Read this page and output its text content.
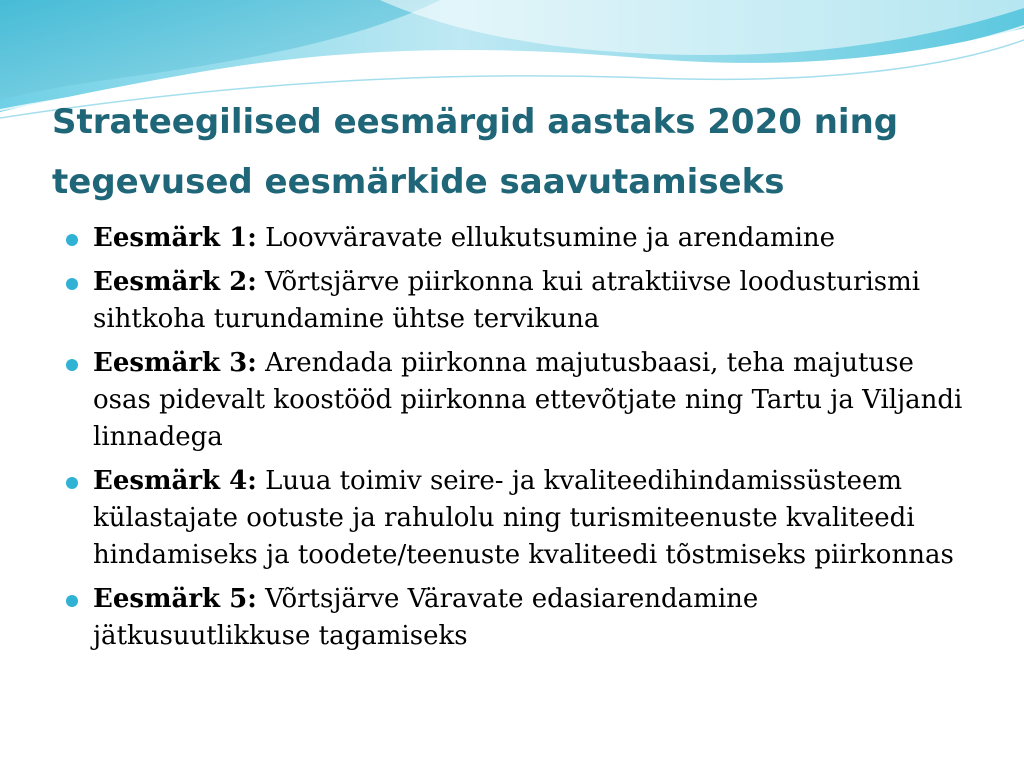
Strateegilised eesmärgid aastaks 2020 ning tegevused eesmärkide saavutamiseks
Eesmärk 1: Loovväravate ellukutsumine ja arendamine
Eesmärk 2: Võrtsjärve piirkonna kui atraktiivse loodusturismi sihtkoha turundamine ühtse tervikuna
Eesmärk 3: Arendada piirkonna majutusbaasi, teha majutuse osas pidevalt koostööd piirkonna ettevõtjate ning Tartu ja Viljandi linnadega
Eesmärk 4: Luua toimiv seire- ja kvaliteedihindamissüsteem külastajate ootuste ja rahulolu ning turismiteenuste kvaliteedi hindamiseks ja toodete/teenuste kvaliteedi tõstmiseks piirkonnas
Eesmärk 5: Võrtsjärve Väravate edasiarendamine jätkusuutlikkuse tagamiseks
